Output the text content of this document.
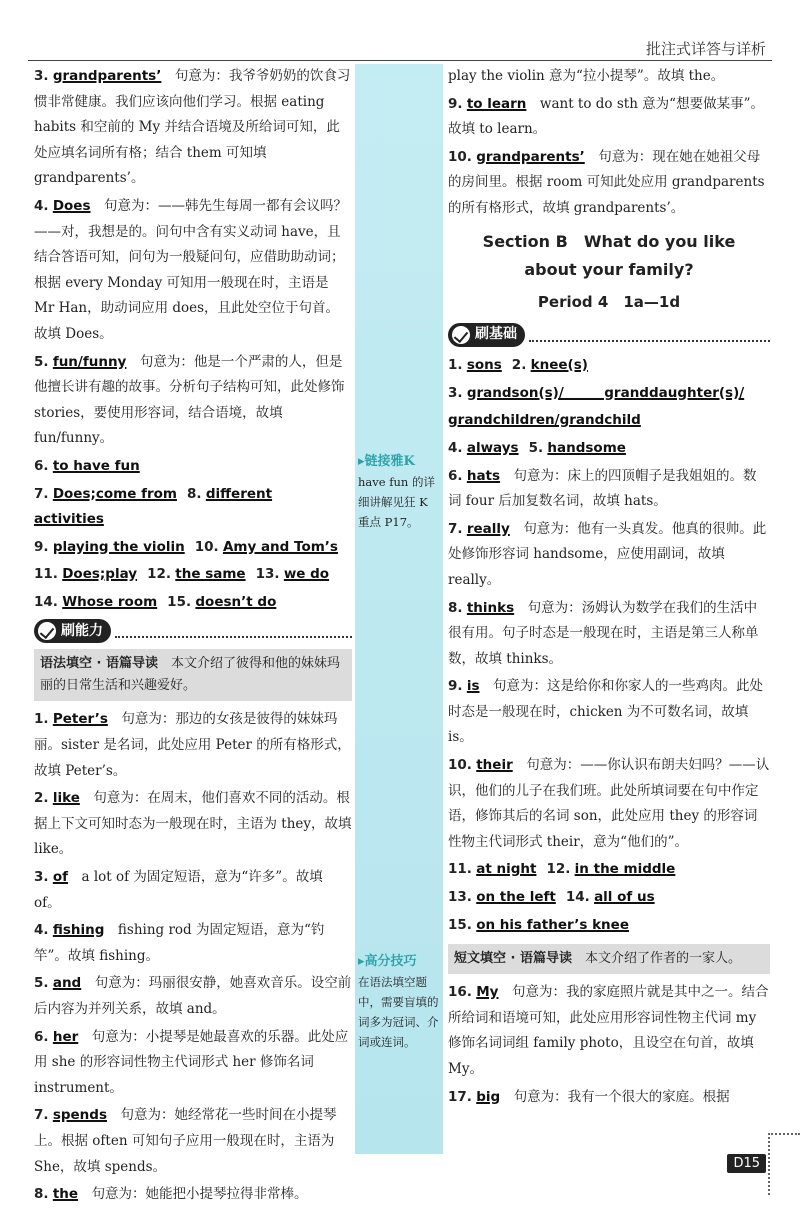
批注式详答与详析
▸链接雅K
have fun 的详细讲解见狂 K 重点 P17。
▸高分技巧
在语法填空题中，需要盲填的词多为冠词、介词或连词。
3. grandparents’　 句意为：我爷爷奶奶的饮食习惯非常健康。我们应该向他们学习。根据 eating habits 和空前的 My 并结合语境及所给词可知，此处应填名词所有格；结合 them 可知填 grandparents’。
4. Does　 句意为：——韩先生每周一都有会议吗？——对，我想是的。问句中含有实义动词 have，且结合答语可知，问句为一般疑问句，应借助助动词；根据 every Monday 可知用一般现在时，主语是 Mr Han，助动词应用 does，且此处空位于句首。故填 Does。
5. fun/funny　 句意为：他是一个严肃的人，但是他擅长讲有趣的故事。分析句子结构可知，此处修饰 stories，要使用形容词，结合语境，故填 fun/funny。
6. to have fun
7. Does;come from 8. different activities
9. playing the violin 10. Amy and Tom’s
11. Does;play 12. the same 13. we do
14. Whose room 15. doesn’t do
刷能力
语法填空 · 语篇导读　 本文介绍了彼得和他的妹妹玛丽的日常生活和兴趣爱好。
1. Peter’s　 句意为：那边的女孩是彼得的妹妹玛丽。sister 是名词，此处应用 Peter 的所有格形式，故填 Peter’s。
2. like　 句意为：在周末，他们喜欢不同的活动。根据上下文可知时态为一般现在时，主语为 they，故填 like。
3. of　 a lot of 为固定短语，意为“许多”。故填 of。
4. fishing　 fishing rod 为固定短语，意为“钓竿”。故填 fishing。
5. and　 句意为：玛丽很安静，她喜欢音乐。设空前后内容为并列关系，故填 and。
6. her　 句意为：小提琴是她最喜欢的乐器。此处应用 she 的形容词性物主代词形式 her 修饰名词 instrument。
7. spends　 句意为：她经常花一些时间在小提琴上。根据 often 可知句子应用一般现在时，主语为 She，故填 spends。
8. the　 句意为：她能把小提琴拉得非常棒。
play the violin 意为“拉小提琴”。故填 the。
9. to learn　 want to do sth 意为“想要做某事”。故填 to learn。
10. grandparents’　 句意为：现在她在她祖父母的房间里。根据 room 可知此处应用 grandparents 的所有格形式，故填 grandparents’。
Section B　What do you like
about your family?
Period 4　1a—1d
刷基础
1. sons 2. knee(s)
3. grandson(s)/　　　granddaughter(s)/
grandchildren/grandchild
4. always 5. handsome
6. hats　 句意为：床上的四顶帽子是我姐姐的。数词 four 后加复数名词，故填 hats。
7. really　 句意为：他有一头真发。他真的很帅。此处修饰形容词 handsome，应使用副词，故填 really。
8. thinks　 句意为：汤姆认为数学在我们的生活中很有用。句子时态是一般现在时，主语是第三人称单数，故填 thinks。
9. is　 句意为：这是给你和你家人的一些鸡肉。此处时态是一般现在时，chicken 为不可数名词，故填 is。
10. their　 句意为：——你认识布朗夫妇吗？——认识，他们的儿子在我们班。此处所填词要在句中作定语，修饰其后的名词 son，此处应用 they 的形容词性物主代词形式 their，意为“他们的”。
11. at night 12. in the middle
13. on the left 14. all of us
15. on his father’s knee
短文填空 · 语篇导读　 本文介绍了作者的一家人。
16. My　 句意为：我的家庭照片就是其中之一。结合所给词和语境可知，此处应用形容词性物主代词 my 修饰名词词组 family photo，且设空在句首，故填 My。
17. big　 句意为：我有一个很大的家庭。根据
D15
